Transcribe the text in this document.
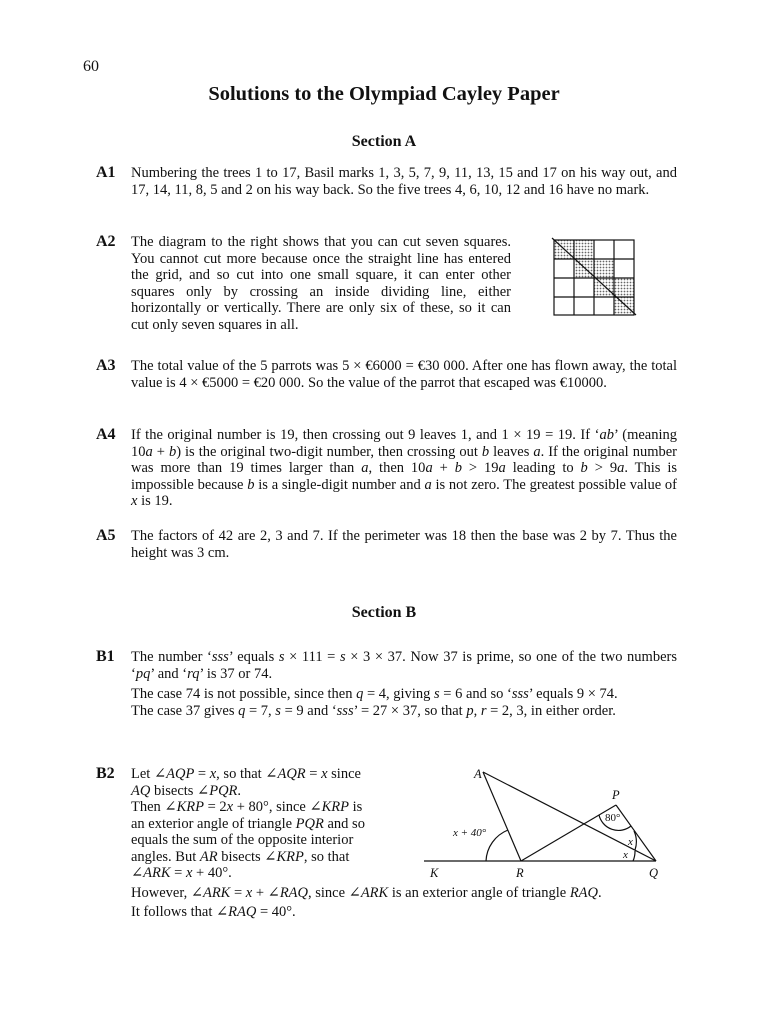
60
Solutions to the Olympiad Cayley Paper
Section A
A1 Numbering the trees 1 to 17, Basil marks 1, 3, 5, 7, 9, 11, 13, 15 and 17 on his way out, and 17, 14, 11, 8, 5 and 2 on his way back. So the five trees 4, 6, 10, 12 and 16 have no mark.
A2 The diagram to the right shows that you can cut seven squares. You cannot cut more because once the straight line has entered the grid, and so cut into one small square, it can enter other squares only by crossing an inside dividing line, either horizontally or vertically. There are only six of these, so it can cut only seven squares in all.
A3 The total value of the 5 parrots was 5 × €6000 = €30 000. After one has flown away, the total value is 4 × €5000 = €20 000. So the value of the parrot that escaped was €10000.
A4 If the original number is 19, then crossing out 9 leaves 1, and 1 × 19 = 19. If ‘ab’ (meaning 10a + b) is the original two-digit number, then crossing out b leaves a. If the original number was more than 19 times larger than a, then 10a + b > 19a leading to b > 9a. This is impossible because b is a single-digit number and a is not zero. The greatest possible value of x is 19.
A5 The factors of 42 are 2, 3 and 7. If the perimeter was 18 then the base was 2 by 7. Thus the height was 3 cm.
Section B
B1 The number ‘sss’ equals s × 111 = s × 3 × 37. Now 37 is prime, so one of the two numbers ‘pq’ and ‘rq’ is 37 or 74.

The case 74 is not possible, since then q = 4, giving s = 6 and so ‘sss’ equals 9 × 74.

The case 37 gives q = 7, s = 9 and ‘sss’ = 27 × 37, so that p, r = 2, 3, in either order.

B2 Let ∠AQP = x, so that ∠AQR = x since

AQ bisects ∠PQR.

Then ∠KRP = 2x + 80°, since ∠KRP is

an exterior angle of triangle PQR and so

equals the sum of the opposite interior

angles. But AR bisects ∠KRP, so that

∠ARK = x + 40°.

However, ∠ARK = x + ∠RAQ, since ∠ARK is an exterior angle of triangle RAQ.

It follows that ∠RAQ = 40°.

A
P
K	R	Q
80°
x + 40°
x
x
